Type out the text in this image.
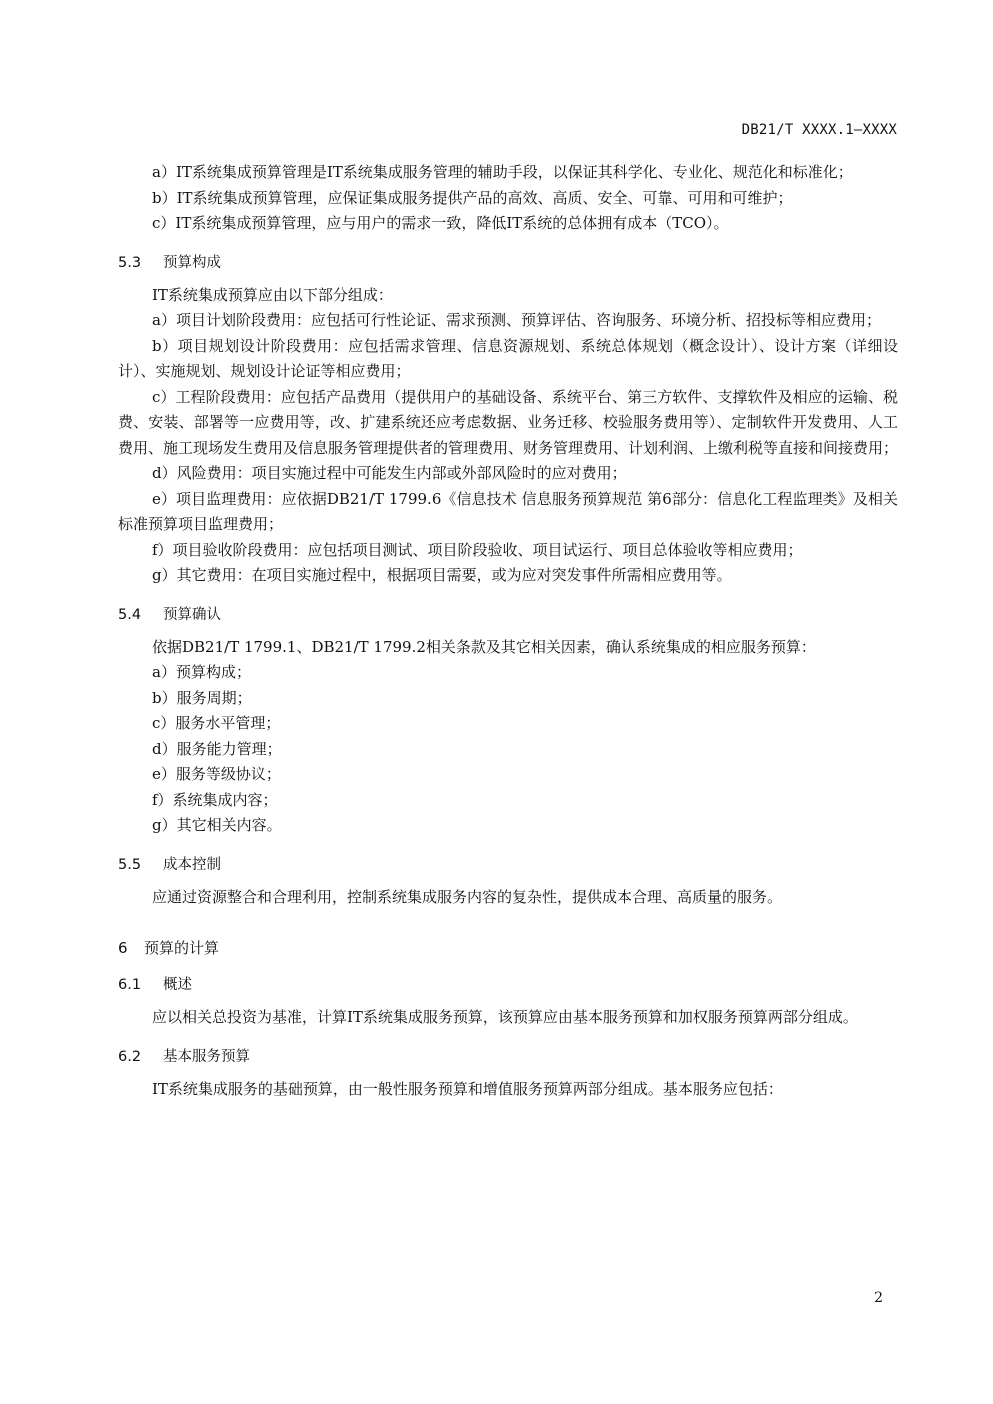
DB21/T XXXX.1—XXXX

a）IT系统集成预算管理是IT系统集成服务管理的辅助手段，以保证其科学化、专业化、规范化和标准化；

b）IT系统集成预算管理，应保证集成服务提供产品的高效、高质、安全、可靠、可用和可维护；

c）IT系统集成预算管理，应与用户的需求一致，降低IT系统的总体拥有成本（TCO）。

5.3 预算构成

IT系统集成预算应由以下部分组成：

a）项目计划阶段费用：应包括可行性论证、需求预测、预算评估、咨询服务、环境分析、招投标等相应费用；

b）项目规划设计阶段费用：应包括需求管理、信息资源规划、系统总体规划（概念设计）、设计方案（详细设计）、实施规划、规划设计论证等相应费用；

c）工程阶段费用：应包括产品费用（提供用户的基础设备、系统平台、第三方软件、支撑软件及相应的运输、税费、安装、部署等一应费用等，改、扩建系统还应考虑数据、业务迁移、校验服务费用等）、定制软件开发费用、人工费用、施工现场发生费用及信息服务管理提供者的管理费用、财务管理费用、计划利润、上缴利税等直接和间接费用；

d）风险费用：项目实施过程中可能发生内部或外部风险时的应对费用；

e）项目监理费用：应依据DB21/T 1799.6《信息技术 信息服务预算规范 第6部分：信息化工程监理类》及相关标准预算项目监理费用；

f）项目验收阶段费用：应包括项目测试、项目阶段验收、项目试运行、项目总体验收等相应费用；

g）其它费用：在项目实施过程中，根据项目需要，或为应对突发事件所需相应费用等。

5.4 预算确认

依据DB21/T 1799.1、DB21/T 1799.2相关条款及其它相关因素，确认系统集成的相应服务预算：

a）预算构成；

b）服务周期；

c）服务水平管理；

d）服务能力管理；

e）服务等级协议；

f）系统集成内容；

g）其它相关内容。

5.5 成本控制

应通过资源整合和合理利用，控制系统集成服务内容的复杂性，提供成本合理、高质量的服务。

6 预算的计算
6.1 概述

应以相关总投资为基准，计算IT系统集成服务预算，该预算应由基本服务预算和加权服务预算两部分组成。

6.2 基本服务预算

IT系统集成服务的基础预算，由一般性服务预算和增值服务预算两部分组成。基本服务应包括：

2
